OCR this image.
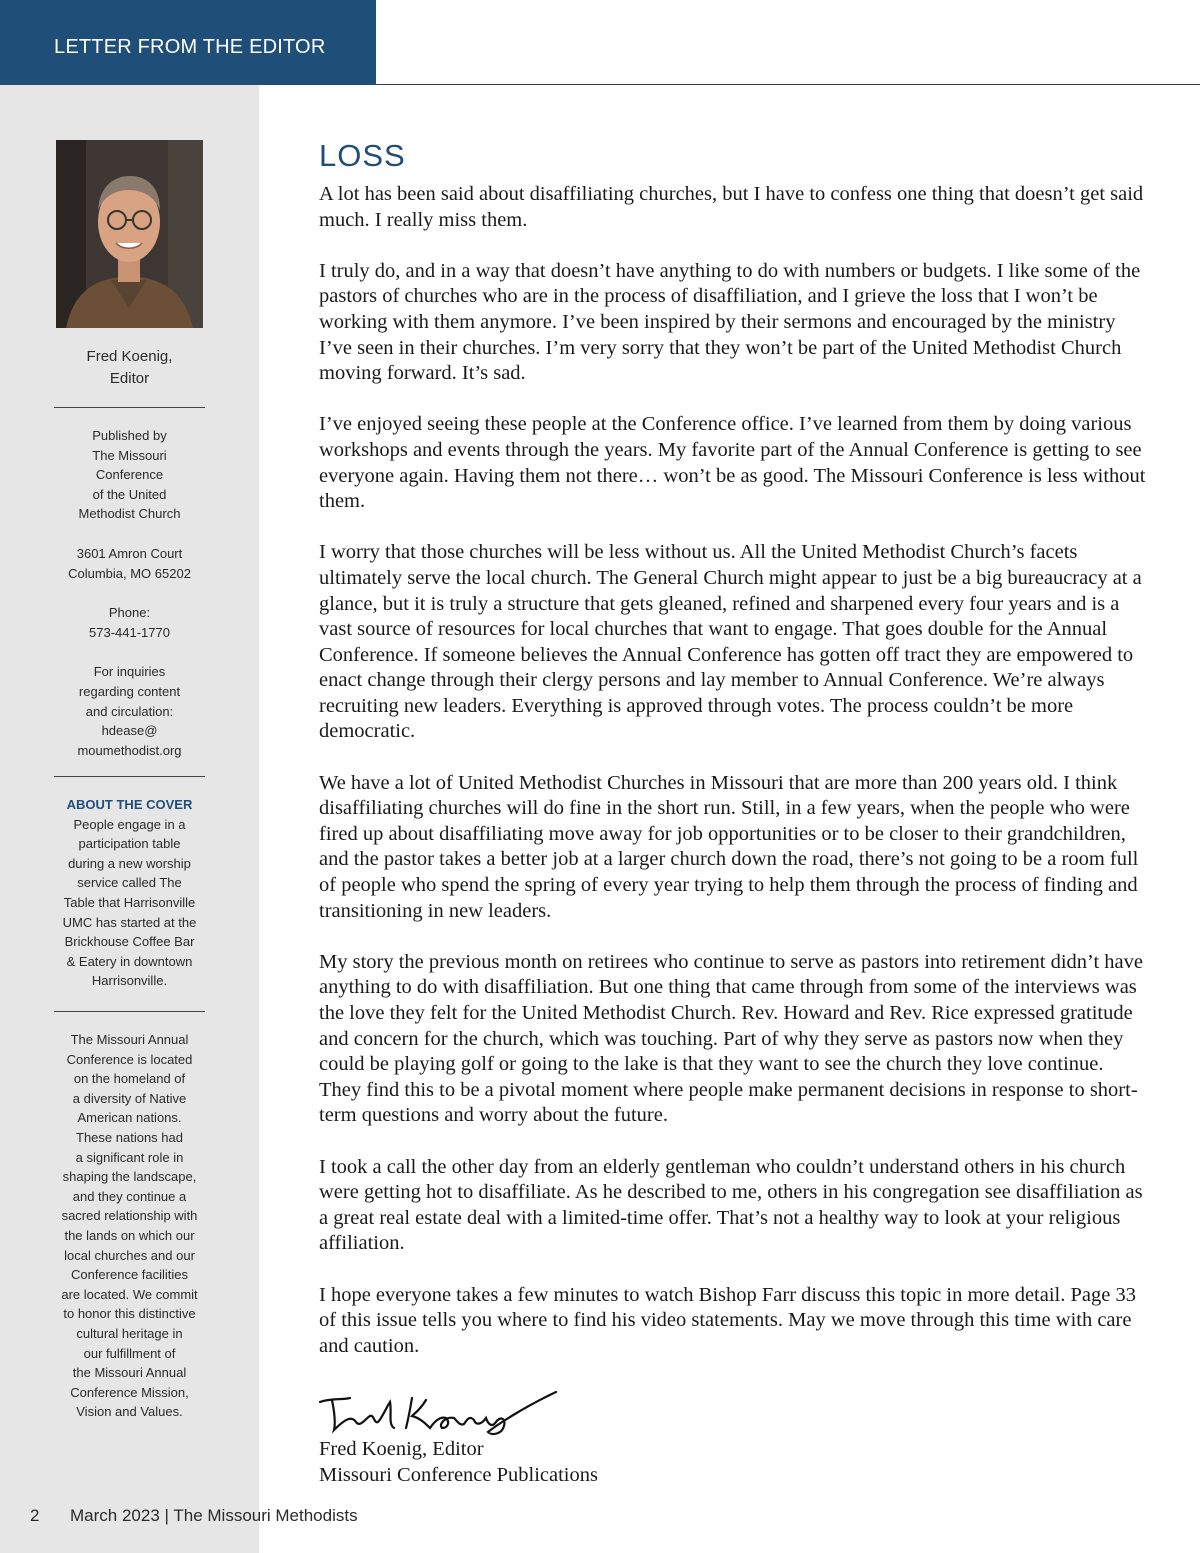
LETTER FROM THE EDITOR
Fred Koenig,
Editor

Published by
The Missouri
Conference
of the United
Methodist Church

3601 Amron Court
Columbia, MO 65202

Phone:
573-441-1770

For inquiries
regarding content
and circulation:
hdease@
moumethodist.org

ABOUT THE COVER

People engage in a
participation table
during a new worship
service called The
Table that Harrisonville
UMC has started at the
Brickhouse Coffee Bar
& Eatery in downtown
Harrisonville.

The Missouri Annual
Conference is located
on the homeland of
a diversity of Native
American nations.
These nations had
a significant role in
shaping the landscape,
and they continue a
sacred relationship with
the lands on which our
local churches and our
Conference facilities
are located. We commit
to honor this distinctive
cultural heritage in
our fulfillment of
the Missouri Annual
Conference Mission,
Vision and Values.

LOSS

A lot has been said about disaffiliating churches, but I have to confess one thing that doesn’t get said much. I really miss them.

I truly do, and in a way that doesn’t have anything to do with numbers or budgets. I like some of the pastors of churches who are in the process of disaffiliation, and I grieve the loss that I won’t be working with them anymore. I’ve been inspired by their sermons and encouraged by the ministry I’ve seen in their churches. I’m very sorry that they won’t be part of the United Methodist Church moving forward. It’s sad.

I’ve enjoyed seeing these people at the Conference office. I’ve learned from them by doing various workshops and events through the years. My favorite part of the Annual Conference is getting to see everyone again. Having them not there… won’t be as good. The Missouri Conference is less without them.

I worry that those churches will be less without us. All the United Methodist Church’s facets ultimately serve the local church. The General Church might appear to just be a big bureaucracy at a glance, but it is truly a structure that gets gleaned, refined and sharpened every four years and is a vast source of resources for local churches that want to engage. That goes double for the Annual Conference. If someone believes the Annual Conference has gotten off tract they are empowered to enact change through their clergy persons and lay member to Annual Conference. We’re always recruiting new leaders. Everything is approved through votes. The process couldn’t be more democratic.

We have a lot of United Methodist Churches in Missouri that are more than 200 years old. I think disaffiliating churches will do fine in the short run. Still, in a few years, when the people who were fired up about disaffiliating move away for job opportunities or to be closer to their grandchildren, and the pastor takes a better job at a larger church down the road, there’s not going to be a room full of people who spend the spring of every year trying to help them through the process of finding and transitioning in new leaders.

My story the previous month on retirees who continue to serve as pastors into retirement didn’t have anything to do with disaffiliation. But one thing that came through from some of the interviews was the love they felt for the United Methodist Church. Rev. Howard and Rev. Rice expressed gratitude and concern for the church, which was touching. Part of why they serve as pastors now when they could be playing golf or going to the lake is that they want to see the church they love continue. They find this to be a pivotal moment where people make permanent decisions in response to short-term questions and worry about the future.

I took a call the other day from an elderly gentleman who couldn’t understand others in his church were getting hot to disaffiliate. As he described to me, others in his congregation see disaffiliation as a great real estate deal with a limited-time offer. That’s not a healthy way to look at your religious affiliation.

I hope everyone takes a few minutes to watch Bishop Farr discuss this topic in more detail. Page 33 of this issue tells you where to find his video statements. May we move through this time with care and caution.

Fred Koenig, Editor
Missouri Conference Publications
2 March 2023 | The Missouri Methodists
